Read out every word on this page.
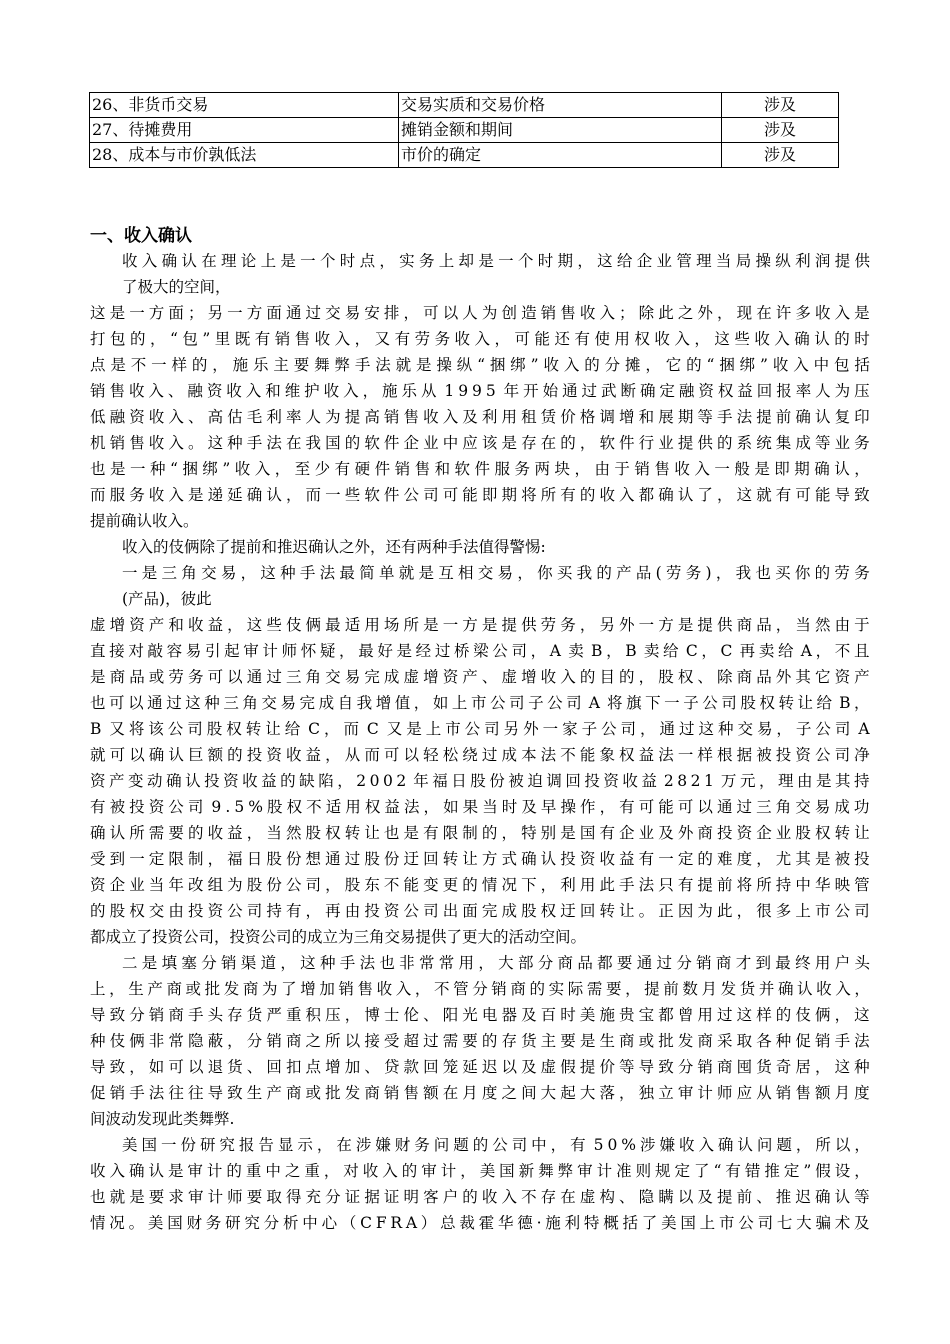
26、非货币交易	交易实质和交易价格	涉及
27、待摊费用	摊销金额和期间	涉及
28、成本与市价孰低法	市价的确定	涉及
一、收入确认
收 入 确 认 在 理 论 上 是 一 个 时 点 ， 实 务 上 却 是 一 个 时 期 ， 这 给 企 业 管 理 当 局 操 纵 利 润 提 供
了极大的空间，
这 是 一 方 面 ； 另 一 方 面 通 过 交 易 安 排 ， 可 以 人 为 创 造 销 售 收 入 ； 除 此 之 外 ， 现 在 许 多 收 入 是
打 包 的 ， “ 包 ” 里 既 有 销 售 收 入 ， 又 有 劳 务 收 入 ， 可 能 还 有 使 用 权 收 入 ， 这 些 收 入 确 认 的 时
点 是 不 一 样 的 ， 施 乐 主 要 舞 弊 手 法 就 是 操 纵 “ 捆 绑 ” 收 入 的 分 摊 ， 它 的 “ 捆 绑 ” 收 入 中 包 括
销 售 收 入 、 融 资 收 入 和 维 护 收 入 ， 施 乐 从 1 9 9 5 年 开 始 通 过 武 断 确 定 融 资 权 益 回 报 率 人 为 压
低 融 资 收 入 、 高 估 毛 利 率 人 为 提 高 销 售 收 入 及 利 用 租 赁 价 格 调 增 和 展 期 等 手 法 提 前 确 认 复 印
机 销 售 收 入 。 这 种 手 法 在 我 国 的 软 件 企 业 中 应 该 是 存 在 的 ， 软 件 行 业 提 供 的 系 统 集 成 等 业 务
也 是 一 种 “ 捆 绑 ” 收 入 ， 至 少 有 硬 件 销 售 和 软 件 服 务 两 块 ， 由 于 销 售 收 入 一 般 是 即 期 确 认 ，
而 服 务 收 入 是 递 延 确 认 ， 而 一 些 软 件 公 司 可 能 即 期 将 所 有 的 收 入 都 确 认 了 ， 这 就 有 可 能 导 致
提前确认收入。
收入的伎俩除了提前和推迟确认之外，还有两种手法值得警惕:
一 是 三 角 交 易 ， 这 种 手 法 最 简 单 就 是 互 相 交 易 ， 你 买 我 的 产 品 ( 劳 务 ) ， 我 也 买 你 的 劳 务
(产品)，彼此
虚 增 资 产 和 收 益 ， 这 些 伎 俩 最 适 用 场 所 是 一 方 是 提 供 劳 务 ， 另 外 一 方 是 提 供 商 品 ， 当 然 由 于
直 接 对 敲 容 易 引 起 审 计 师 怀 疑 ， 最 好 是 经 过 桥 梁 公 司 ， A 卖 B ， B 卖 给 C ， C 再 卖 给 A ， 不 且
是 商 品 或 劳 务 可 以 通 过 三 角 交 易 完 成 虚 增 资 产 、 虚 增 收 入 的 目 的 ， 股 权 、 除 商 品 外 其 它 资 产
也 可 以 通 过 这 种 三 角 交 易 完 成 自 我 增 值 ， 如 上 市 公 司 子 公 司 A 将 旗 下 一 子 公 司 股 权 转 让 给 B ，
B 又 将 该 公 司 股 权 转 让 给 C ， 而 C 又 是 上 市 公 司 另 外 一 家 子 公 司 ， 通 过 这 种 交 易 ， 子 公 司 A
就 可 以 确 认 巨 额 的 投 资 收 益 ， 从 而 可 以 轻 松 绕 过 成 本 法 不 能 象 权 益 法 一 样 根 据 被 投 资 公 司 净
资 产 变 动 确 认 投 资 收 益 的 缺 陷 ， 2 0 0 2 年 福 日 股 份 被 迫 调 回 投 资 收 益 2 8 2 1 万 元 ， 理 由 是 其 持
有 被 投 资 公 司 9 . 5 % 股 权 不 适 用 权 益 法 ， 如 果 当 时 及 早 操 作 ， 有 可 能 可 以 通 过 三 角 交 易 成 功
确 认 所 需 要 的 收 益 ， 当 然 股 权 转 让 也 是 有 限 制 的 ， 特 别 是 国 有 企 业 及 外 商 投 资 企 业 股 权 转 让
受 到 一 定 限 制 ， 福 日 股 份 想 通 过 股 份 迂 回 转 让 方 式 确 认 投 资 收 益 有 一 定 的 难 度 ， 尤 其 是 被 投
资 企 业 当 年 改 组 为 股 份 公 司 ， 股 东 不 能 变 更 的 情 况 下 ， 利 用 此 手 法 只 有 提 前 将 所 持 中 华 映 管
的 股 权 交 由 投 资 公 司 持 有 ， 再 由 投 资 公 司 出 面 完 成 股 权 迂 回 转 让 。 正 因 为 此 ， 很 多 上 市 公 司
都成立了投资公司，投资公司的成立为三角交易提供了更大的活动空间。
二 是 填 塞 分 销 渠 道 ， 这 种 手 法 也 非 常 常 用 ， 大 部 分 商 品 都 要 通 过 分 销 商 才 到 最 终 用 户 头
上 ， 生 产 商 或 批 发 商 为 了 增 加 销 售 收 入 ， 不 管 分 销 商 的 实 际 需 要 ， 提 前 数 月 发 货 并 确 认 收 入 ，
导 致 分 销 商 手 头 存 货 严 重 积 压 ， 博 士 伦 、 阳 光 电 器 及 百 时 美 施 贵 宝 都 曾 用 过 这 样 的 伎 俩 ， 这
种 伎 俩 非 常 隐 蔽 ， 分 销 商 之 所 以 接 受 超 过 需 要 的 存 货 主 要 是 生 商 或 批 发 商 采 取 各 种 促 销 手 法
导 致 ， 如 可 以 退 货 、 回 扣 点 增 加 、 贷 款 回 笼 延 迟 以 及 虚 假 提 价 等 导 致 分 销 商 囤 货 奇 居 ， 这 种
促 销 手 法 往 往 导 致 生 产 商 或 批 发 商 销 售 额 在 月 度 之 间 大 起 大 落 ， 独 立 审 计 师 应 从 销 售 额 月 度
间波动发现此类舞弊.
美 国 一 份 研 究 报 告 显 示 ， 在 涉 嫌 财 务 问 题 的 公 司 中 ， 有 5 0 % 涉 嫌 收 入 确 认 问 题 ， 所 以 ，
收 入 确 认 是 审 计 的 重 中 之 重 ， 对 收 入 的 审 计 ， 美 国 新 舞 弊 审 计 准 则 规 定 了 “ 有 错 推 定 ” 假 设 ，
也 就 是 要 求 审 计 师 要 取 得 充 分 证 据 证 明 客 户 的 收 入 不 存 在 虚 构 、 隐 瞒 以 及 提 前 、 推 迟 确 认 等
情 况 。 美 国 财 务 研 究 分 析 中 心 （ C F R A ） 总 裁 霍 华 德 · 施 利 特 概 括 了 美 国 上 市 公 司 七 大 骗 术 及
